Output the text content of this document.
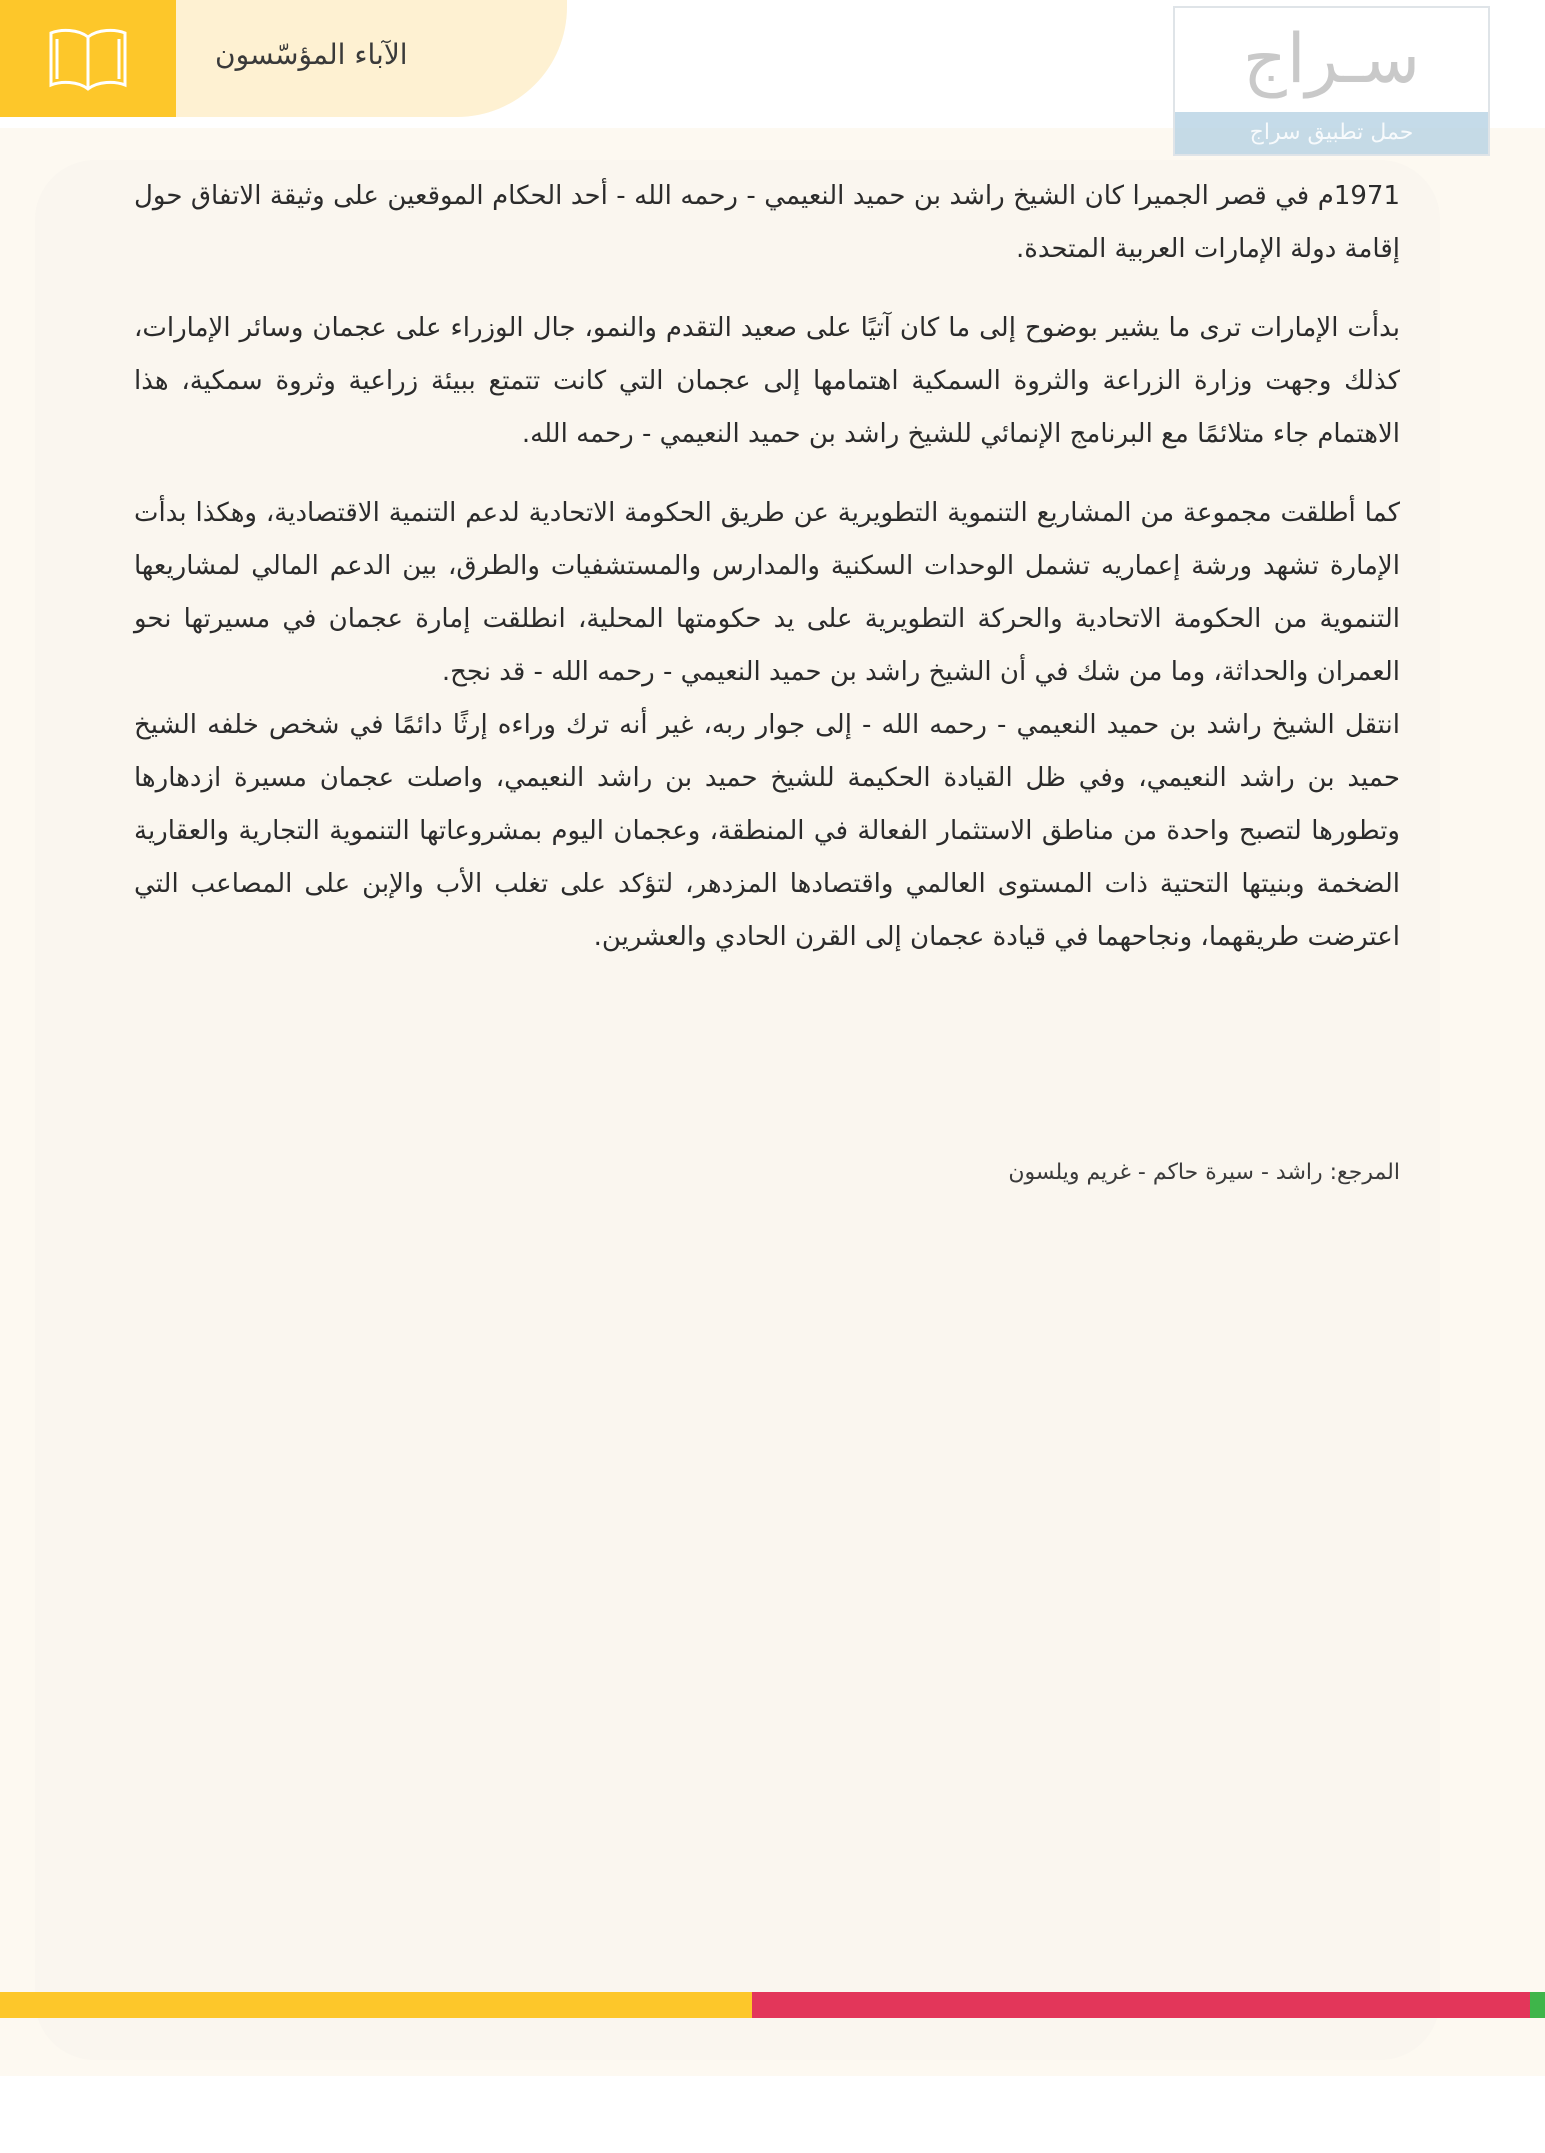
الآباء المؤسّسون	سـراج
حمل تطبيق سراج

1971م في قصر الجميرا كان الشيخ راشد بن حميد النعيمي - رحمه الله - أحد الحكام الموقعين على وثيقة الاتفاق حول إقامة دولة الإمارات العربية المتحدة.

بدأت الإمارات ترى ما يشير بوضوح إلى ما كان آتيًا على صعيد التقدم والنمو، جال الوزراء على عجمان وسائر الإمارات، كذلك وجهت وزارة الزراعة والثروة السمكية اهتمامها إلى عجمان التي كانت تتمتع ببيئة زراعية وثروة سمكية، هذا الاهتمام جاء متلائمًا مع البرنامج الإنمائي للشيخ راشد بن حميد النعيمي - رحمه الله.

كما أطلقت مجموعة من المشاريع التنموية التطويرية عن طريق الحكومة الاتحادية لدعم التنمية الاقتصادية، وهكذا بدأت الإمارة تشهد ورشة إعماريه تشمل الوحدات السكنية والمدارس والمستشفيات والطرق، بين الدعم المالي لمشاريعها التنموية من الحكومة الاتحادية والحركة التطويرية على يد حكومتها المحلية، انطلقت إمارة عجمان في مسيرتها نحو العمران والحداثة، وما من شك في أن الشيخ راشد بن حميد النعيمي - رحمه الله - قد نجح.

انتقل الشيخ راشد بن حميد النعيمي - رحمه الله - إلى جوار ربه، غير أنه ترك وراءه إرثًا دائمًا في شخص خلفه الشيخ حميد بن راشد النعيمي، وفي ظل القيادة الحكيمة للشيخ حميد بن راشد النعيمي، واصلت عجمان مسيرة ازدهارها وتطورها لتصبح واحدة من مناطق الاستثمار الفعالة في المنطقة، وعجمان اليوم بمشروعاتها التنموية التجارية والعقارية الضخمة وبنيتها التحتية ذات المستوى العالمي واقتصادها المزدهر، لتؤكد على تغلب الأب والإبن على المصاعب التي اعترضت طريقهما، ونجاحهما في قيادة عجمان إلى القرن الحادي والعشرين.

المرجع: راشد - سيرة حاكم - غريم ويلسون
